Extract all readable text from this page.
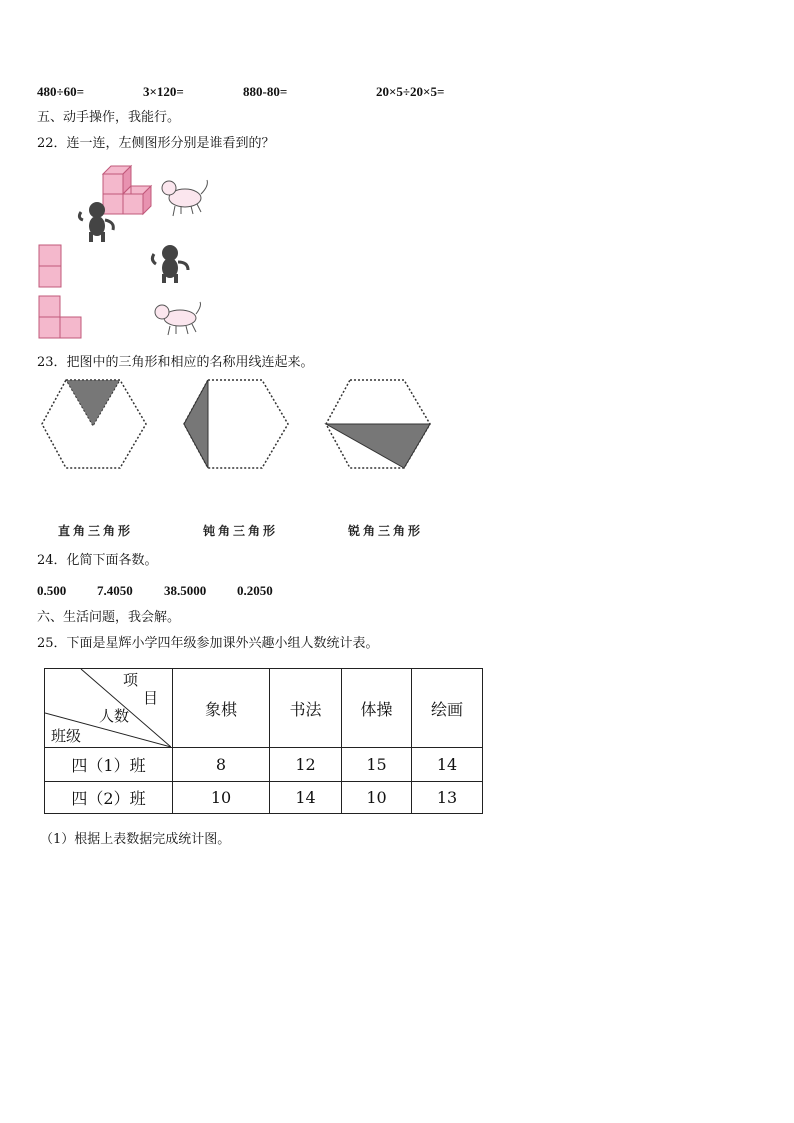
480÷60=	3×120=	880-80=	20×5÷20×5=
五、动手操作，我能行。
22．连一连，左侧图形分别是谁看到的？
23．把图中的三角形和相应的名称用线连起来。
直角三角形	钝角三角形	锐角三角形
24．化简下面各数。
0.500 7.4050 38.5000 0.2050
六、生活问题，我会解。
25．下面是星辉小学四年级参加课外兴趣小组人数统计表。
项
目
人数
班级	象棋	书法	体操	绘画
四（1）班	8	12	15	14
四（2）班	10	14	10	13
（1）根据上表数据完成统计图。
